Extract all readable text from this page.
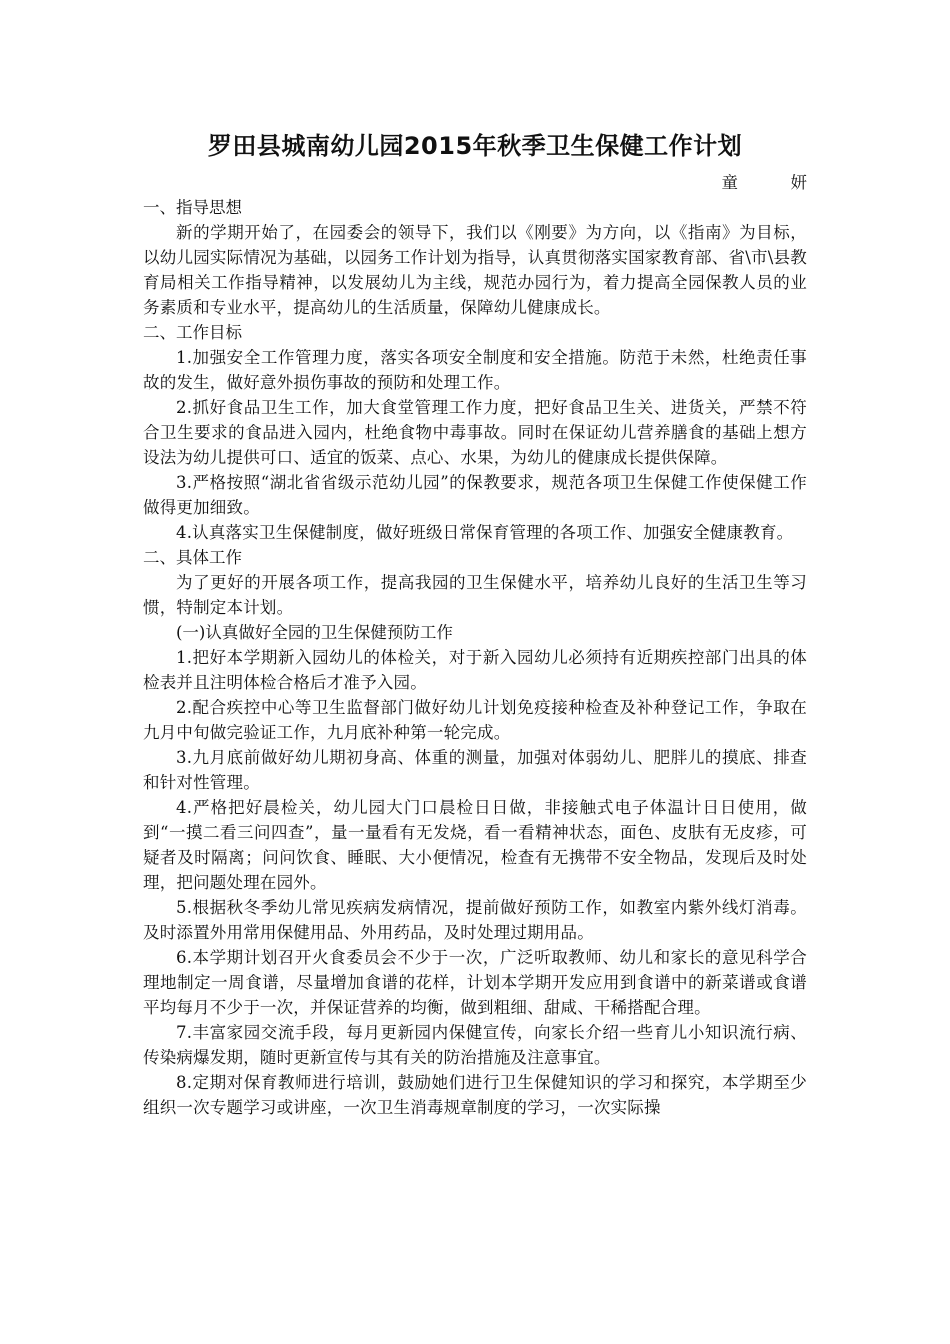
罗田县城南幼儿园2015年秋季卫生保健工作计划
童　妍
一、指导思想

新的学期开始了，在园委会的领导下，我们以《刚要》为方向，以《指南》为目标，以幼儿园实际情况为基础，以园务工作计划为指导，认真贯彻落实国家教育部、省\市\县教育局相关工作指导精神，以发展幼儿为主线，规范办园行为，着力提高全园保教人员的业务素质和专业水平，提高幼儿的生活质量，保障幼儿健康成长。

二、工作目标

1.加强安全工作管理力度，落实各项安全制度和安全措施。防范于未然，杜绝责任事故的发生，做好意外损伤事故的预防和处理工作。

2.抓好食品卫生工作，加大食堂管理工作力度，把好食品卫生关、进货关，严禁不符合卫生要求的食品进入园内，杜绝食物中毒事故。同时在保证幼儿营养膳食的基础上想方设法为幼儿提供可口、适宜的饭菜、点心、水果，为幼儿的健康成长提供保障。

3.严格按照“湖北省省级示范幼儿园”的保教要求，规范各项卫生保健工作使保健工作做得更加细致。

4.认真落实卫生保健制度，做好班级日常保育管理的各项工作、加强安全健康教育。

二、具体工作

为了更好的开展各项工作，提高我园的卫生保健水平，培养幼儿良好的生活卫生等习惯，特制定本计划。

(一)认真做好全园的卫生保健预防工作

1.把好本学期新入园幼儿的体检关，对于新入园幼儿必须持有近期疾控部门出具的体检表并且注明体检合格后才准予入园。

2.配合疾控中心等卫生监督部门做好幼儿计划免疫接种检查及补种登记工作，争取在九月中旬做完验证工作，九月底补种第一轮完成。

3.九月底前做好幼儿期初身高、体重的测量，加强对体弱幼儿、肥胖儿的摸底、排查和针对性管理。

4.严格把好晨检关，幼儿园大门口晨检日日做，非接触式电子体温计日日使用，做到“一摸二看三问四查”，量一量看有无发烧，看一看精神状态，面色、皮肤有无皮疹，可疑者及时隔离；问问饮食、睡眠、大小便情况，检查有无携带不安全物品，发现后及时处理，把问题处理在园外。

5.根据秋冬季幼儿常见疾病发病情况，提前做好预防工作，如教室内紫外线灯消毒。及时添置外用常用保健用品、外用药品，及时处理过期用品。

6.本学期计划召开火食委员会不少于一次，广泛听取教师、幼儿和家长的意见科学合理地制定一周食谱，尽量增加食谱的花样，计划本学期开发应用到食谱中的新菜谱或食谱平均每月不少于一次，并保证营养的均衡，做到粗细、甜咸、干稀搭配合理。

7.丰富家园交流手段，每月更新园内保健宣传，向家长介绍一些育儿小知识流行病、传染病爆发期，随时更新宣传与其有关的防治措施及注意事宜。

8.定期对保育教师进行培训，鼓励她们进行卫生保健知识的学习和探究，本学期至少组织一次专题学习或讲座，一次卫生消毒规章制度的学习，一次实际操
